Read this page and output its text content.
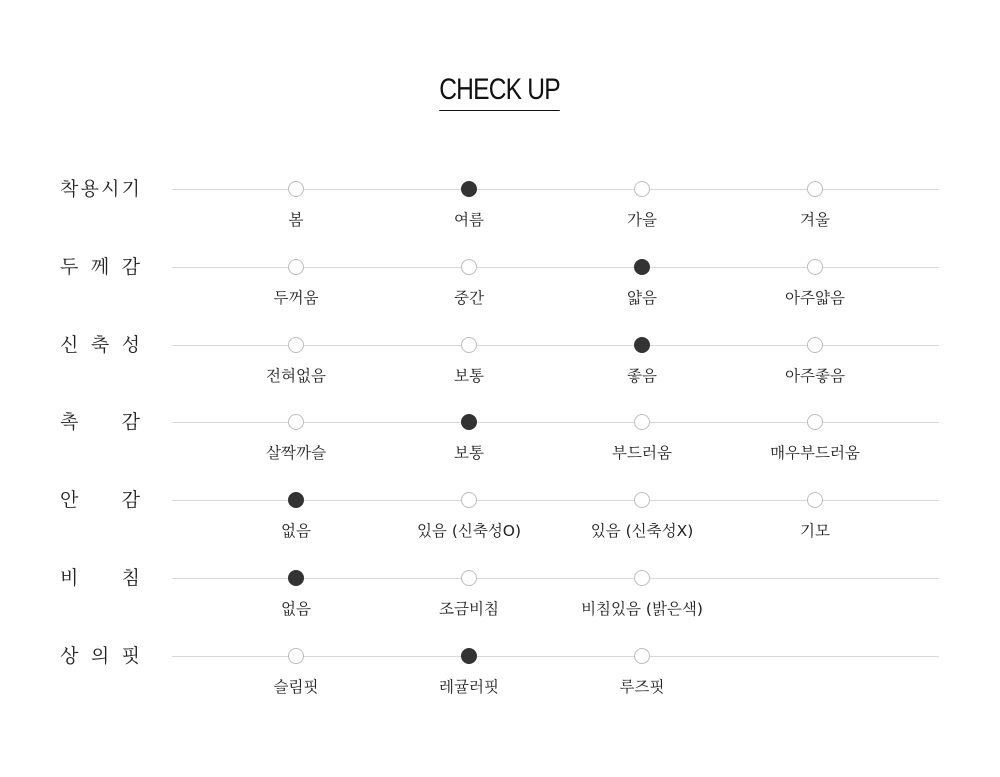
CHECK UP
착 용 시 기
봄	여름	가을	겨울
두 께 감
두꺼움	중간	얇음	아주얇음
신 축 성
전혀없음	보통	좋음	아주좋음
촉 감
살짝까슬	보통	부드러움	매우부드러움
안 감
없음	있음 (신축성O)	있음 (신축성X)	기모
비 침
없음	조금비침	비침있음 (밝은색)
상 의 핏
슬림핏	레귤러핏	루즈핏
